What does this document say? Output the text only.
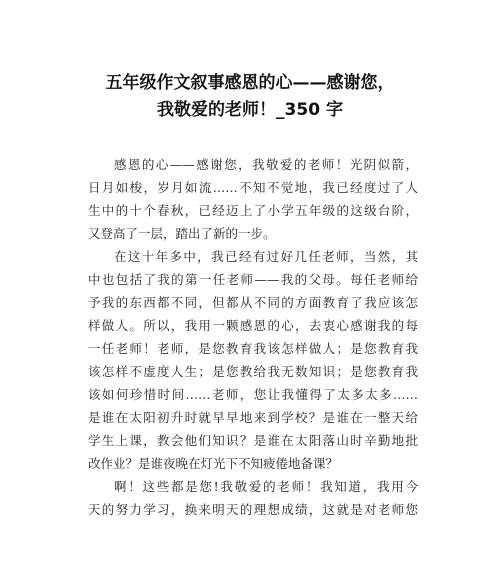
五年级作文叙事感恩的心——感谢您，
我敬爱的老师！_350 字
感恩的心——感谢您，我敬爱的老师！光阴似箭，
日月如梭，岁月如流……不知不觉地，我已经度过了人
生中的十个春秋，已经迈上了小学五年级的这级台阶，
又登高了一层，踏出了新的一步。
在这十年多中，我已经有过好几任老师，当然，其
中也包括了我的第一任老师——我的父母。每任老师给
予我的东西都不同，但都从不同的方面教育了我应该怎
样做人。所以，我用一颗感恩的心，去衷心感谢我的每
一任老师！老师，是您教育我该怎样做人；是您教育我
该怎样不虚度人生；是您教给我无数知识；是您教育我
该如何珍惜时间……老师，您让我懂得了太多太多……
是谁在太阳初升时就早早地来到学校？是谁在一整天给
学生上课，教会他们知识？是谁在太阳落山时辛勤地批
改作业？是谁夜晚在灯光下不知疲倦地备课？
啊！这些都是您!我敬爱的老师！我知道，我用今
天的努力学习，换来明天的理想成绩，这就是对老师您
